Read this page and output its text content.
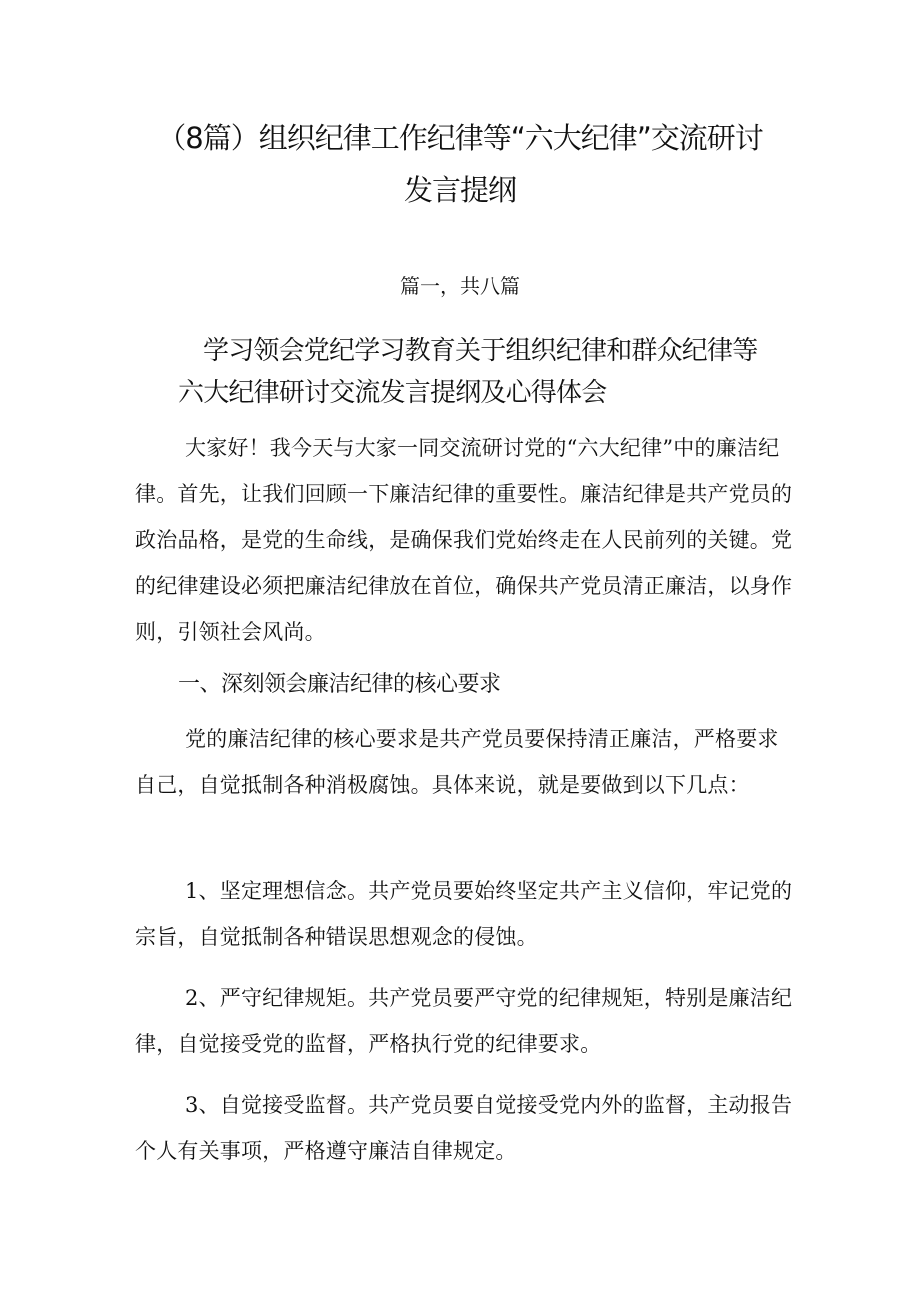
（8篇）组织纪律工作纪律等“六大纪律”交流研讨
发言提纲
篇一，共八篇
学习领会党纪学习教育关于组织纪律和群众纪律等
六大纪律研讨交流发言提纲及心得体会

大家好！我今天与大家一同交流研讨党的“六大纪律”中的廉洁纪律。首先，让我们回顾一下廉洁纪律的重要性。廉洁纪律是共产党员的政治品格，是党的生命线，是确保我们党始终走在人民前列的关键。党的纪律建设必须把廉洁纪律放在首位，确保共产党员清正廉洁，以身作则，引领社会风尚。

一、深刻领会廉洁纪律的核心要求

党的廉洁纪律的核心要求是共产党员要保持清正廉洁，严格要求自己，自觉抵制各种消极腐蚀。具体来说，就是要做到以下几点：

1、坚定理想信念。共产党员要始终坚定共产主义信仰，牢记党的宗旨，自觉抵制各种错误思想观念的侵蚀。

2、严守纪律规矩。共产党员要严守党的纪律规矩，特别是廉洁纪律，自觉接受党的监督，严格执行党的纪律要求。

3、自觉接受监督。共产党员要自觉接受党内外的监督，主动报告个人有关事项，严格遵守廉洁自律规定。
